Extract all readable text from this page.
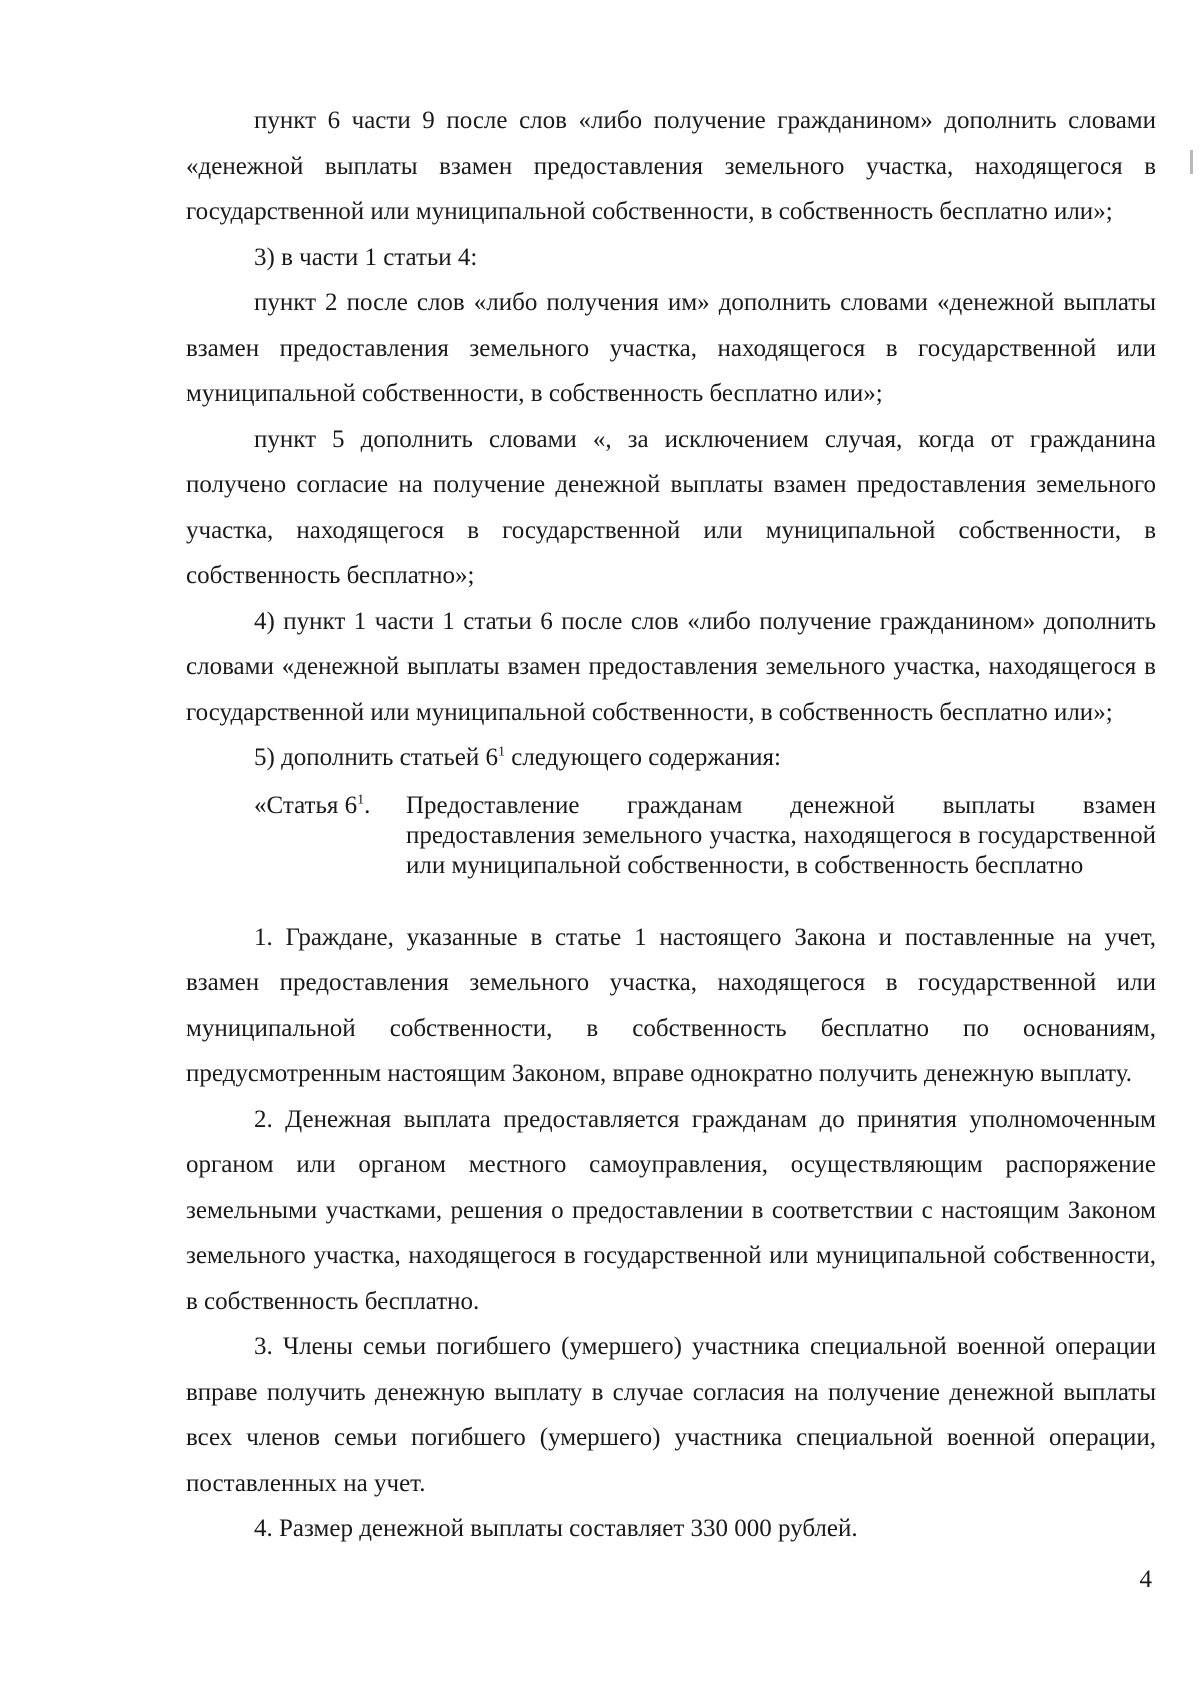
пункт 6 части 9 после слов «либо получение гражданином» дополнить словами «денежной выплаты взамен предоставления земельного участка, находящегося в государственной или муниципальной собственности, в собственность бесплатно или»;

3) в части 1 статьи 4:

пункт 2 после слов «либо получения им» дополнить словами «денежной выплаты взамен предоставления земельного участка, находящегося в государственной или муниципальной собственности, в собственность бесплатно или»;

пункт 5 дополнить словами «, за исключением случая, когда от гражданина получено согласие на получение денежной выплаты взамен предоставления земельного участка, находящегося в государственной или муниципальной собственности, в собственность бесплатно»;

4) пункт 1 части 1 статьи 6 после слов «либо получение гражданином» дополнить словами «денежной выплаты взамен предоставления земельного участка, находящегося в государственной или муниципальной собственности, в собственность бесплатно или»;

5) дополнить статьей $6^1$ следующего содержания:

«Статья $6^1$.	Предоставление гражданам денежной выплаты взамен предоставления земельного участка, находящегося в государственной или муниципальной собственности, в собственность бесплатно

1. Граждане, указанные в статье 1 настоящего Закона и поставленные на учет, взамен предоставления земельного участка, находящегося в государственной или муниципальной собственности, в собственность бесплатно по основаниям, предусмотренным настоящим Законом, вправе однократно получить денежную выплату.

2. Денежная выплата предоставляется гражданам до принятия уполномоченным органом или органом местного самоуправления, осуществляющим распоряжение земельными участками, решения о предоставлении в соответствии с настоящим Законом земельного участка, находящегося в государственной или муниципальной собственности, в собственность бесплатно.

3. Члены семьи погибшего (умершего) участника специальной военной операции вправе получить денежную выплату в случае согласия на получение денежной выплаты всех членов семьи погибшего (умершего) участника специальной военной операции, поставленных на учет.

4. Размер денежной выплаты составляет 330 000 рублей.

4
